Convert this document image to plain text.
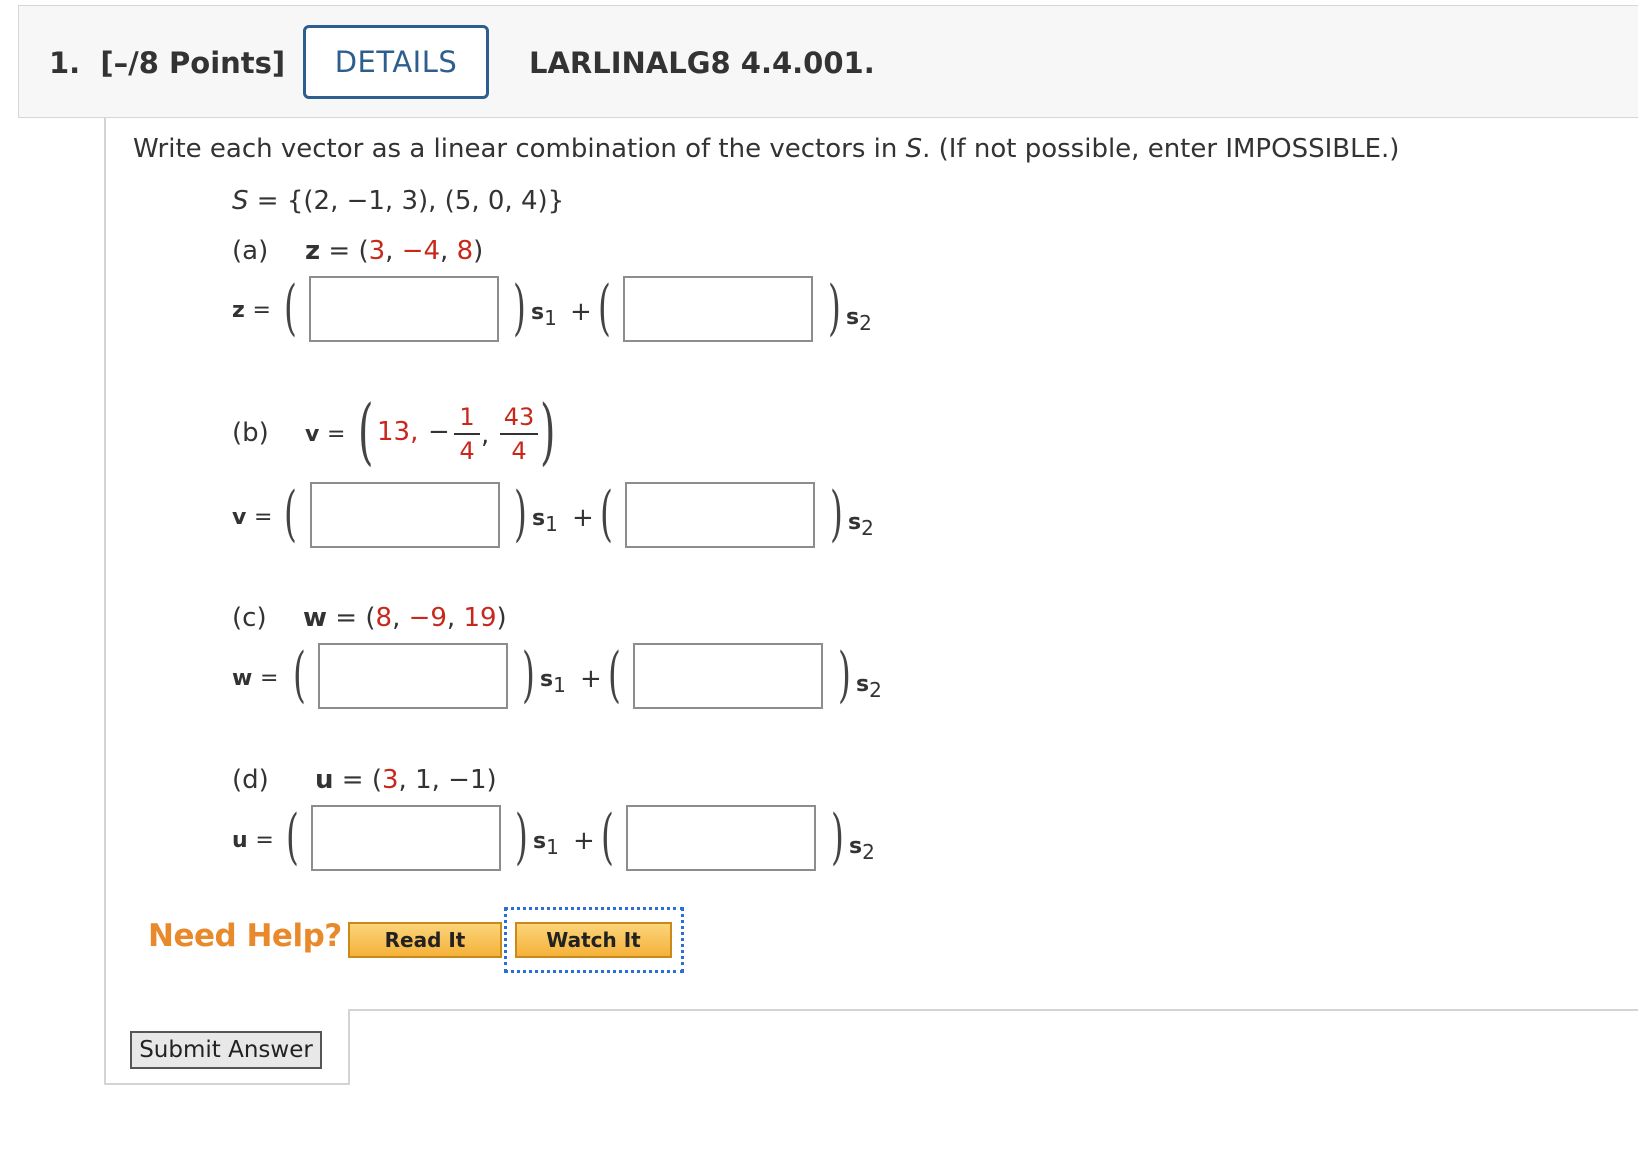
1. [–/8 Points]	DETAILS	LARLINALG8 4.4.001.
Write each vector as a linear combination of the vectors in S. (If not possible, enter IMPOSSIBLE.)
S = {(2, −1, 3), (5, 0, 4)}
(a) z = (3, −4, 8)
z = (	) $s_1$ + (	) $s_2$
(b) v = ( 13, − $\frac{1}{4}$ , $\frac{43}{4}$ )
v = (	) $s_1$ + (	) $s_2$
(c) w = (8, −9, 19)
w = (	) $s_1$ + (	) $s_2$
(d) u = (3, 1, −1)
u = (	) $s_1$ + (	) $s_2$
Need Help?	Read It	Watch It
Submit Answer
